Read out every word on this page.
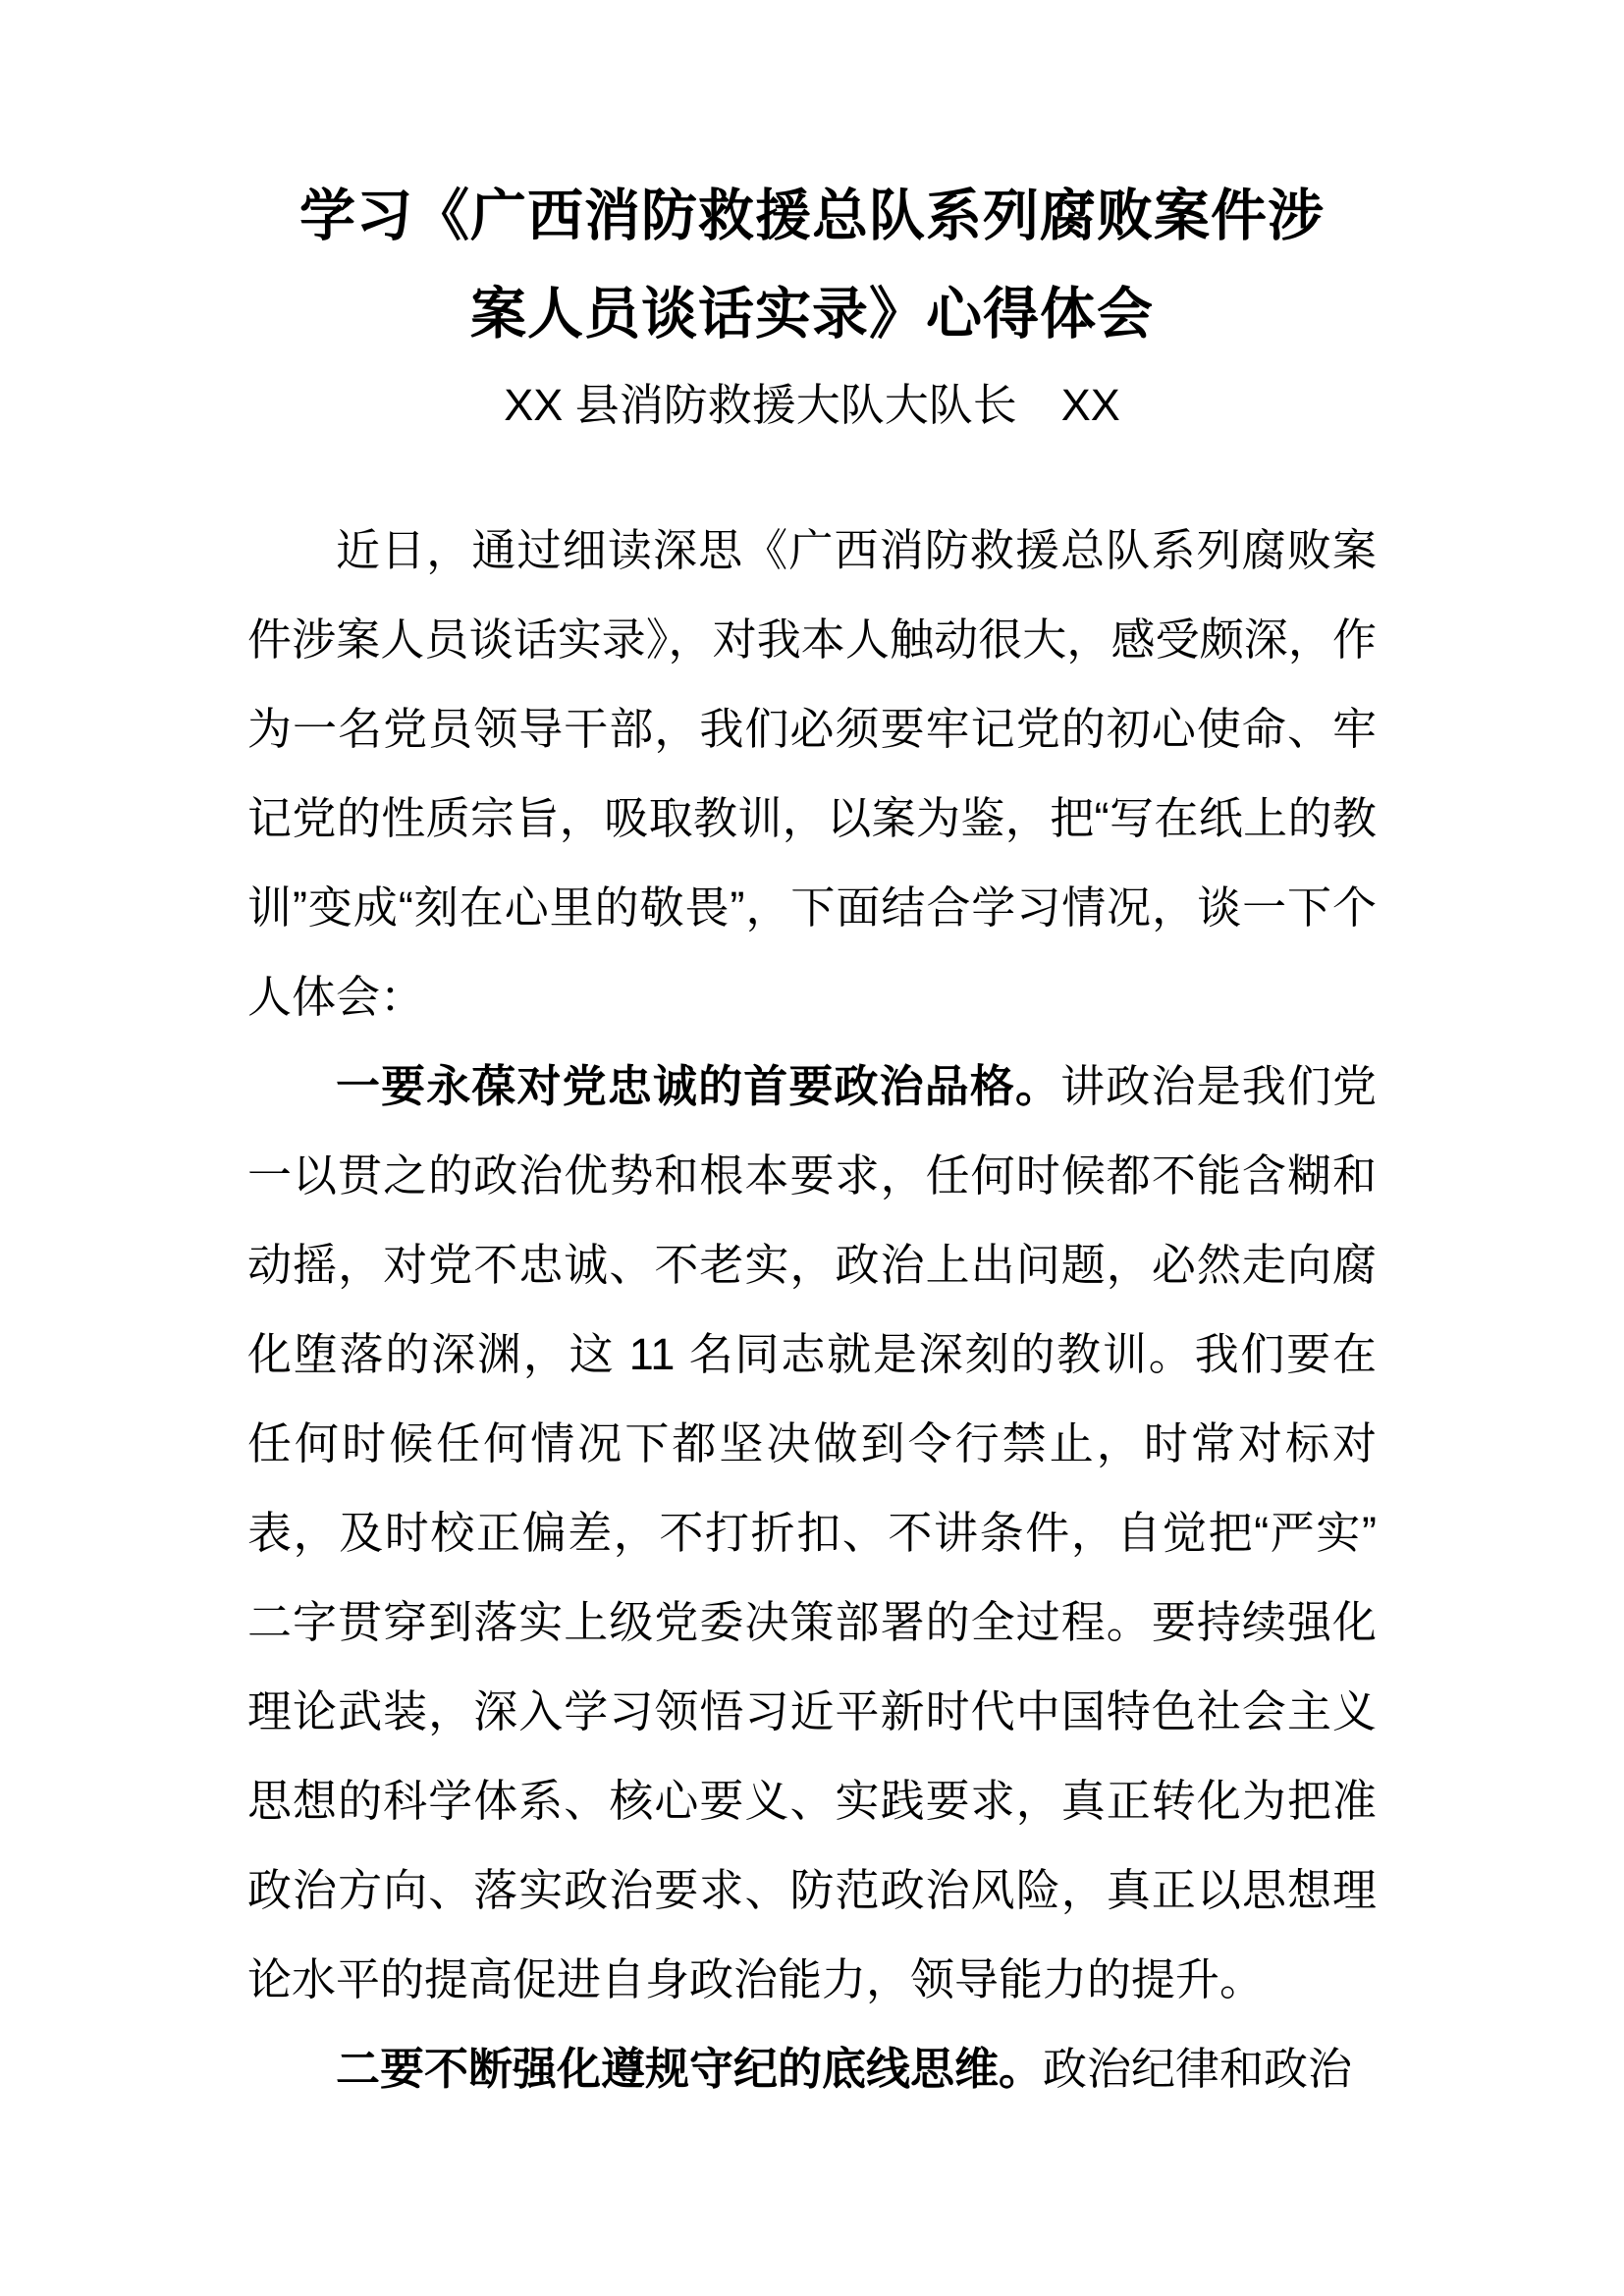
学习《广西消防救援总队系列腐败案件涉
案人员谈话实录》心得体会
XX 县消防救援大队大队长　XX

近日，通过细读深思《广西消防救援总队系列腐败案件涉案人员谈话实录》，对我本人触动很大，感受颇深，作为一名党员领导干部，我们必须要牢记党的初心使命、牢记党的性质宗旨，吸取教训，以案为鉴，把“写在纸上的教训”变成“刻在心里的敬畏”，下面结合学习情况，谈一下个人体会：

一要永葆对党忠诚的首要政治品格。讲政治是我们党一以贯之的政治优势和根本要求，任何时候都不能含糊和动摇，对党不忠诚、不老实，政治上出问题，必然走向腐化堕落的深渊，这 11 名同志就是深刻的教训。我们要在任何时候任何情况下都坚决做到令行禁止，时常对标对表，及时校正偏差，不打折扣、不讲条件，自觉把“严实”二字贯穿到落实上级党委决策部署的全过程。要持续强化理论武装，深入学习领悟习近平新时代中国特色社会主义思想的科学体系、核心要义、实践要求，真正转化为把准政治方向、落实政治要求、防范政治风险，真正以思想理论水平的提高促进自身政治能力，领导能力的提升。

二要不断强化遵规守纪的底线思维。政治纪律和政治
